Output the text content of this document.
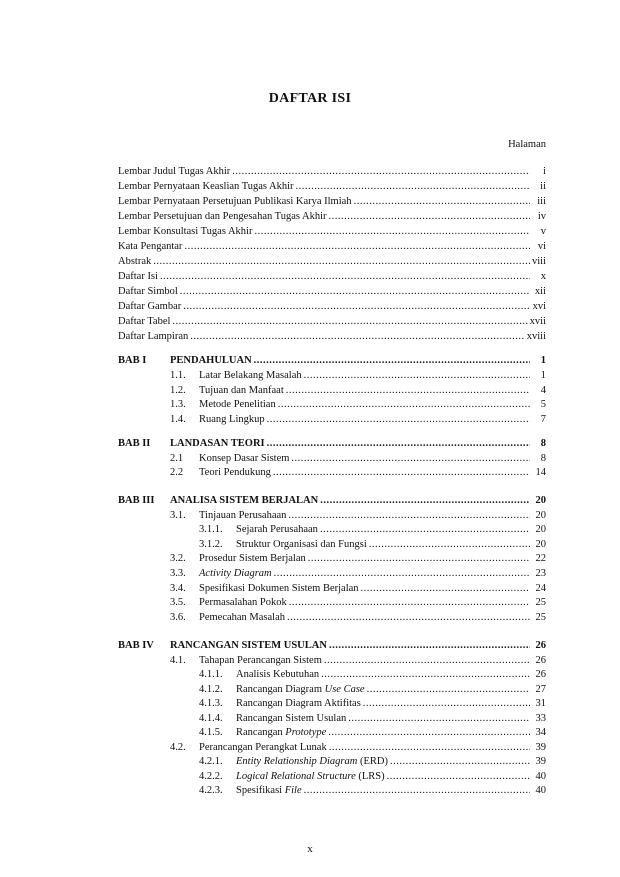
DAFTAR ISI
Halaman
Lembar Judul Tugas Akhir .....	i
Lembar Pernyataan Keaslian Tugas Akhir .....	ii
Lembar Pernyataan Persetujuan Publikasi Karya Ilmiah .....	iii
Lembar Persetujuan dan Pengesahan Tugas Akhir .....	iv
Lembar Konsultasi Tugas Akhir .....	v
Kata Pengantar .....	vi
Abstrak .....	viii
Daftar Isi .....	x
Daftar Simbol .....	xii
Daftar Gambar .....	xvi
Daftar Tabel .....	xvii
Daftar Lampiran .....	xviii
BAB I	PENDAHULUAN .....	1
1.1.	Latar Belakang Masalah .....	1
1.2.	Tujuan dan Manfaat .....	4
1.3.	Metode Penelitian .....	5
1.4.	Ruang Lingkup .....	7
BAB II	LANDASAN TEORI .....	8
2.1	Konsep Dasar Sistem .....	8
2.2	Teori Pendukung .....	14
BAB III	ANALISA SISTEM BERJALAN .....	20
3.1.	Tinjauan Perusahaan .....	20
3.1.1.	Sejarah Perusahaan .....	20
3.1.2.	Struktur Organisasi dan Fungsi .....	20
3.2.	Prosedur Sistem Berjalan .....	22
3.3.	Activity Diagram .....	23
3.4.	Spesifikasi Dokumen Sistem Berjalan .....	24
3.5.	Permasalahan Pokok .....	25
3.6.	Pemecahan Masalah .....	25
BAB IV	RANCANGAN SISTEM USULAN .....	26
4.1.	Tahapan Perancangan Sistem .....	26
4.1.1.	Analisis Kebutuhan .....	26
4.1.2.	Rancangan Diagram Use Case .....	27
4.1.3.	Rancangan Diagram Aktifitas .....	31
4.1.4.	Rancangan Sistem Usulan .....	33
4.1.5.	Rancangan Prototype .....	34
4.2.	Perancangan Perangkat Lunak .....	39
4.2.1.	Entity Relationship Diagram (ERD) .....	39
4.2.2.	Logical Relational Structure (LRS) .....	40
4.2.3.	Spesifikasi File .....	40
x
